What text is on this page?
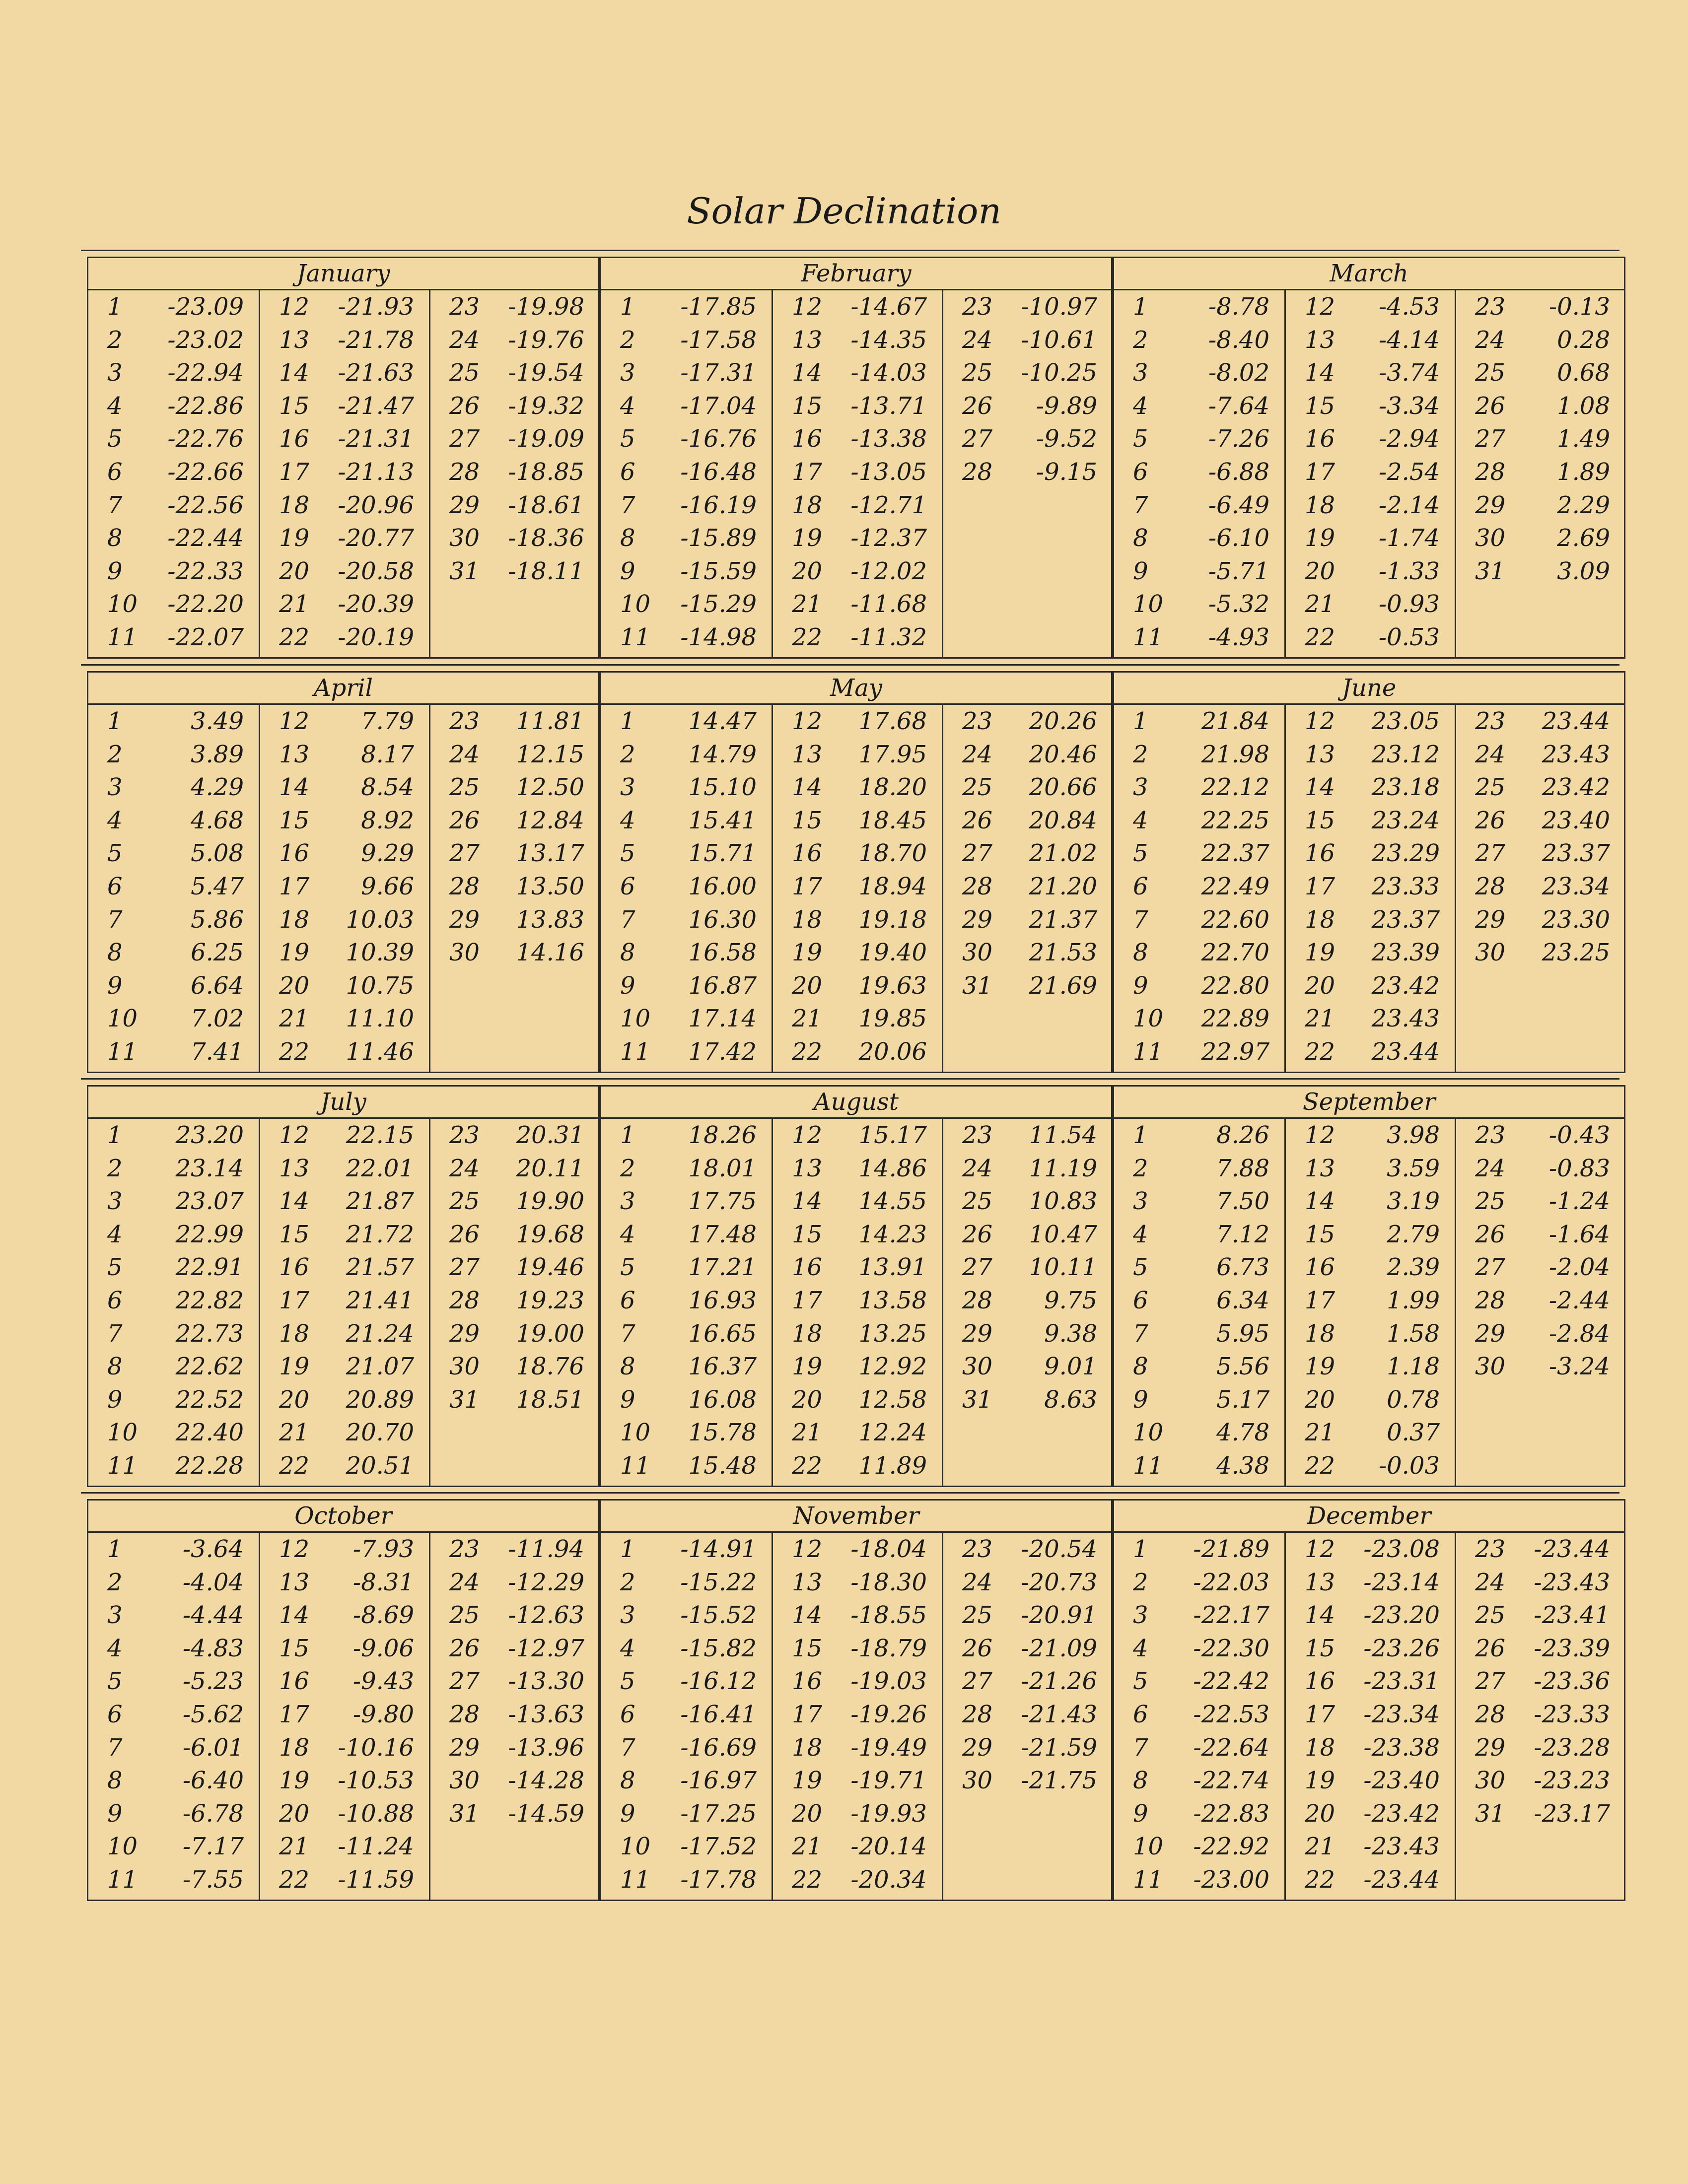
Solar Declination
January
1 -23.09
2 -23.02
3 -22.94
4 -22.86
5 -22.76
6 -22.66
7 -22.56
8 -22.44
9 -22.33
10 -22.20
11 -22.07
12 -21.93
13 -21.78
14 -21.63
15 -21.47
16 -21.31
17 -21.13
18 -20.96
19 -20.77
20 -20.58
21 -20.39
22 -20.19
23 -19.98
24 -19.76
25 -19.54
26 -19.32
27 -19.09
28 -18.85
29 -18.61
30 -18.36
31 -18.11
February
1 -17.85
2 -17.58
3 -17.31
4 -17.04
5 -16.76
6 -16.48
7 -16.19
8 -15.89
9 -15.59
10 -15.29
11 -14.98
12 -14.67
13 -14.35
14 -14.03
15 -13.71
16 -13.38
17 -13.05
18 -12.71
19 -12.37
20 -12.02
21 -11.68
22 -11.32
23 -10.97
24 -10.61
25 -10.25
26 -9.89
27 -9.52
28 -9.15
March
1	-8.78
2	-8.40
3	-8.02
4	-7.64
5	-7.26
6	-6.88
7	-6.49
8	-6.10
9	-5.71
10 -5.32
11 -4.93
12 -4.53
13 -4.14
14 -3.74
15 -3.34
16 -2.94
17 -2.54
18 -2.14
19 -1.74
20 -1.33
21 -0.93
22 -0.53
23 -0.13
24 0.28
25 0.68
26 1.08
27 1.49
28 1.89
29 2.29
30 2.69
31 3.09
April
1	3.49
2	3.89
3	4.29
4	4.68
5	5.08
6	5.47
7	5.86
8	6.25
9	6.64
10 7.02
11 7.41
12 7.79
13 8.17
14 8.54
15 8.92
16 9.29
17 9.66
18 10.03
19 10.39
20 10.75
21 11.10
22 11.46
23 11.81
24 12.15
25 12.50
26 12.84
27 13.17
28 13.50
29 13.83
30 14.16
May
1 14.47
2 14.79
3 15.10
4 15.41
5 15.71
6 16.00
7 16.30
8 16.58
9 16.87
10 17.14
11 17.42
12 17.68
13 17.95
14 18.20
15 18.45
16 18.70
17 18.94
18 19.18
19 19.40
20 19.63
21 19.85
22 20.06
23 20.26
24 20.46
25 20.66
26 20.84
27 21.02
28 21.20
29 21.37
30 21.53
31 21.69
June
1 21.84
2 21.98
3 22.12
4 22.25
5 22.37
6 22.49
7 22.60
8 22.70
9 22.80
10 22.89
11 22.97
12 23.05
13 23.12
14 23.18
15 23.24
16 23.29
17 23.33
18 23.37
19 23.39
20 23.42
21 23.43
22 23.44
23 23.44
24 23.43
25 23.42
26 23.40
27 23.37
28 23.34
29 23.30
30 23.25
July
1 23.20
2 23.14
3 23.07
4 22.99
5 22.91
6 22.82
7 22.73
8 22.62
9 22.52
10 22.40
11 22.28
12 22.15
13 22.01
14 21.87
15 21.72
16 21.57
17 21.41
18 21.24
19 21.07
20 20.89
21 20.70
22 20.51
23 20.31
24 20.11
25 19.90
26 19.68
27 19.46
28 19.23
29 19.00
30 18.76
31 18.51
August
1 18.26
2 18.01
3 17.75
4 17.48
5 17.21
6 16.93
7 16.65
8 16.37
9 16.08
10 15.78
11 15.48
12 15.17
13 14.86
14 14.55
15 14.23
16 13.91
17 13.58
18 13.25
19 12.92
20 12.58
21 12.24
22 11.89
23 11.54
24 11.19
25 10.83
26 10.47
27 10.11
28 9.75
29 9.38
30 9.01
31 8.63
September
1	8.26
2	7.88
3	7.50
4	7.12
5	6.73
6	6.34
7	5.95
8	5.56
9	5.17
10 4.78
11 4.38
12 3.98
13 3.59
14 3.19
15 2.79
16 2.39
17 1.99
18 1.58
19 1.18
20 0.78
21 0.37
22 -0.03
23 -0.43
24 -0.83
25 -1.24
26 -1.64
27 -2.04
28 -2.44
29 -2.84
30 -3.24
October
1	-3.64
2	-4.04
3	-4.44
4	-4.83
5	-5.23
6	-5.62
7	-6.01
8	-6.40
9	-6.78
10 -7.17
11 -7.55
12 -7.93
13 -8.31
14 -8.69
15 -9.06
16 -9.43
17 -9.80
18 -10.16
19 -10.53
20 -10.88
21 -11.24
22 -11.59
23 -11.94
24 -12.29
25 -12.63
26 -12.97
27 -13.30
28 -13.63
29 -13.96
30 -14.28
31 -14.59
November
1 -14.91
2 -15.22
3 -15.52
4 -15.82
5 -16.12
6 -16.41
7 -16.69
8 -16.97
9 -17.25
10 -17.52
11 -17.78
12 -18.04
13 -18.30
14 -18.55
15 -18.79
16 -19.03
17 -19.26
18 -19.49
19 -19.71
20 -19.93
21 -20.14
22 -20.34
23 -20.54
24 -20.73
25 -20.91
26 -21.09
27 -21.26
28 -21.43
29 -21.59
30 -21.75
December
1 -21.89
2 -22.03
3 -22.17
4 -22.30
5 -22.42
6 -22.53
7 -22.64
8 -22.74
9 -22.83
10 -22.92
11 -23.00
12 -23.08
13 -23.14
14 -23.20
15 -23.26
16 -23.31
17 -23.34
18 -23.38
19 -23.40
20 -23.42
21 -23.43
22 -23.44
23 -23.44
24 -23.43
25 -23.41
26 -23.39
27 -23.36
28 -23.33
29 -23.28
30 -23.23
31 -23.17
